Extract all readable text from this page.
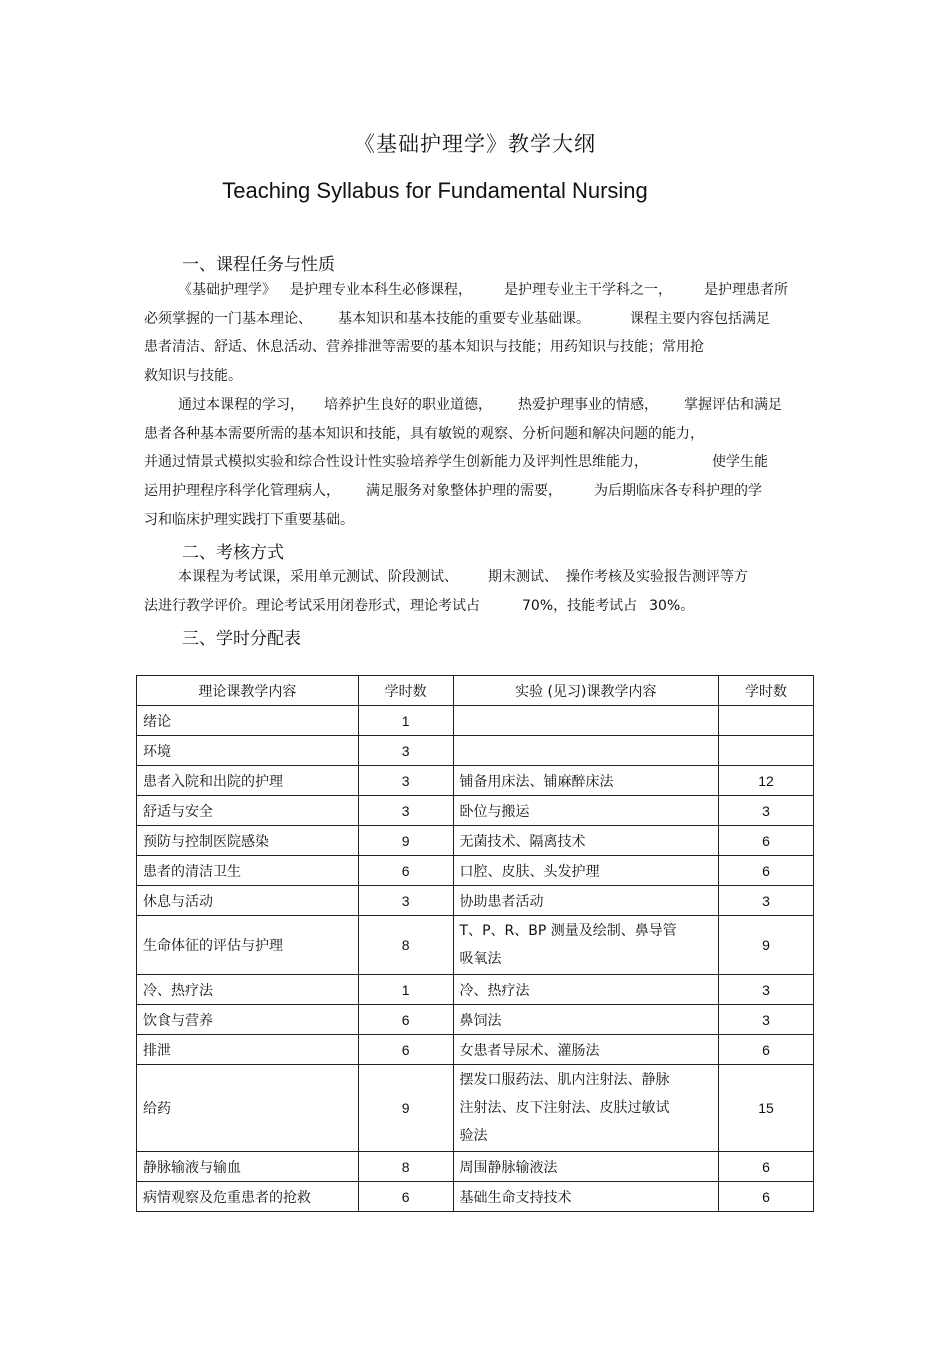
《基础护理学》教学大纲
Teaching Syllabus for Fundamental Nursing
一、课程任务与性质
《基础护理学》 是护理专业本科生必修课程， 是护理专业主干学科之一， 是护理患者所
必须掌握的一门基本理论、 基本知识和基本技能的重要专业基础课。	课程主要内容包括满足
患者清洁、舒适、休息活动、营养排泄等需要的基本知识与技能；用药知识与技能；常用抢
救知识与技能。
通过本课程的学习， 培养护生良好的职业道德， 热爱护理事业的情感， 掌握评估和满足
患者各种基本需要所需的基本知识和技能，具有敏锐的观察、分析问题和解决问题的能力，
并通过情景式模拟实验和综合性设计性实验培养学生创新能力及评判性思维能力，	使学生能
运用护理程序科学化管理病人， 满足服务对象整体护理的需要， 为后期临床各专科护理的学
习和临床护理实践打下重要基础。
二、考核方式
本课程为考试课，采用单元测试、阶段测试、 期末测试、 操作考核及实验报告测评等方
法进行教学评价。理论考试采用闭卷形式，理论考试占	70%，技能考试占 30%。
三、学时分配表
理论课教学内容	学时数	实验 (见习)课教学内容	学时数
绪论	1		
环境	3		
患者入院和出院的护理	3	铺备用床法、铺麻醉床法	12
舒适与安全	3	卧位与搬运	3
预防与控制医院感染	9	无菌技术、隔离技术	6
患者的清洁卫生	6	口腔、皮肤、头发护理	6
休息与活动	3	协助患者活动	3
生命体征的评估与护理	8	T、P、R、BP 测量及绘制、鼻导管
吸氧法	9
冷、热疗法	1	冷、热疗法	3
饮食与营养	6	鼻饲法	3
排泄	6	女患者导尿术、灌肠法	6
给药	9	摆发口服药法、肌内注射法、静脉
注射法、皮下注射法、皮肤过敏试
验法	15
静脉输液与输血	8	周围静脉输液法	6
病情观察及危重患者的抢救	6	基础生命支持技术	6
